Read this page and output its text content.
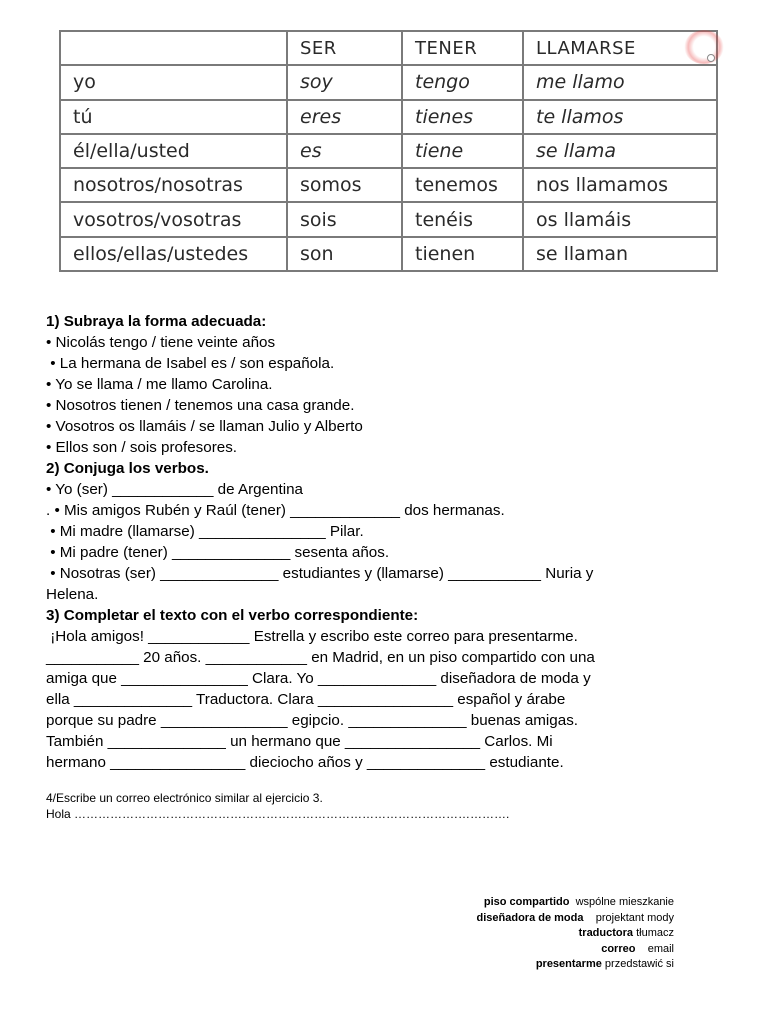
	SER	TENER	LLAMARSE
yo	soy	tengo	me llamo
tú	eres	tienes	te llamos
él/ella/usted	es	tiene	se llama
nosotros/nosotras	somos	tenemos	nos llamamos
vosotros/vosotras	sois	tenéis	os llamáis
ellos/ellas/ustedes	son	tienen	se llaman
1) Subraya la forma adecuada:
• Nicolás tengo / tiene veinte años
• La hermana de Isabel es / son española.
• Yo se llama / me llamo Carolina.
• Nosotros tienen / tenemos una casa grande.
• Vosotros os llamáis / se llaman Julio y Alberto
• Ellos son / sois profesores.
2) Conjuga los verbos.
• Yo (ser) ____________ de Argentina
. • Mis amigos Rubén y Raúl (tener) _____________ dos hermanas.
• Mi madre (llamarse) _______________ Pilar.
• Mi padre (tener) ______________ sesenta años.
• Nosotras (ser) ______________ estudiantes y (llamarse) ___________ Nuria y
Helena.
3) Completar el texto con el verbo correspondiente:
¡Hola amigos! ____________ Estrella y escribo este correo para presentarme.
___________ 20 años. ____________ en Madrid, en un piso compartido con una
amiga que _______________ Clara. Yo ______________ diseñadora de moda y
ella ______________ Traductora. Clara ________________ español y árabe
porque su padre _______________ egipcio. ______________ buenas amigas.
También ______________ un hermano que ________________ Carlos. Mi
hermano ________________ dieciocho años y ______________ estudiante.
4/Escribe un correo electrónico similar al ejercicio 3.
Hola ……………………………………………………………………………………………….
piso compartido wspólne mieszkanie
diseñadora de moda projektant mody
traductora tłumacz
correo email
presentarme przedstawić si
